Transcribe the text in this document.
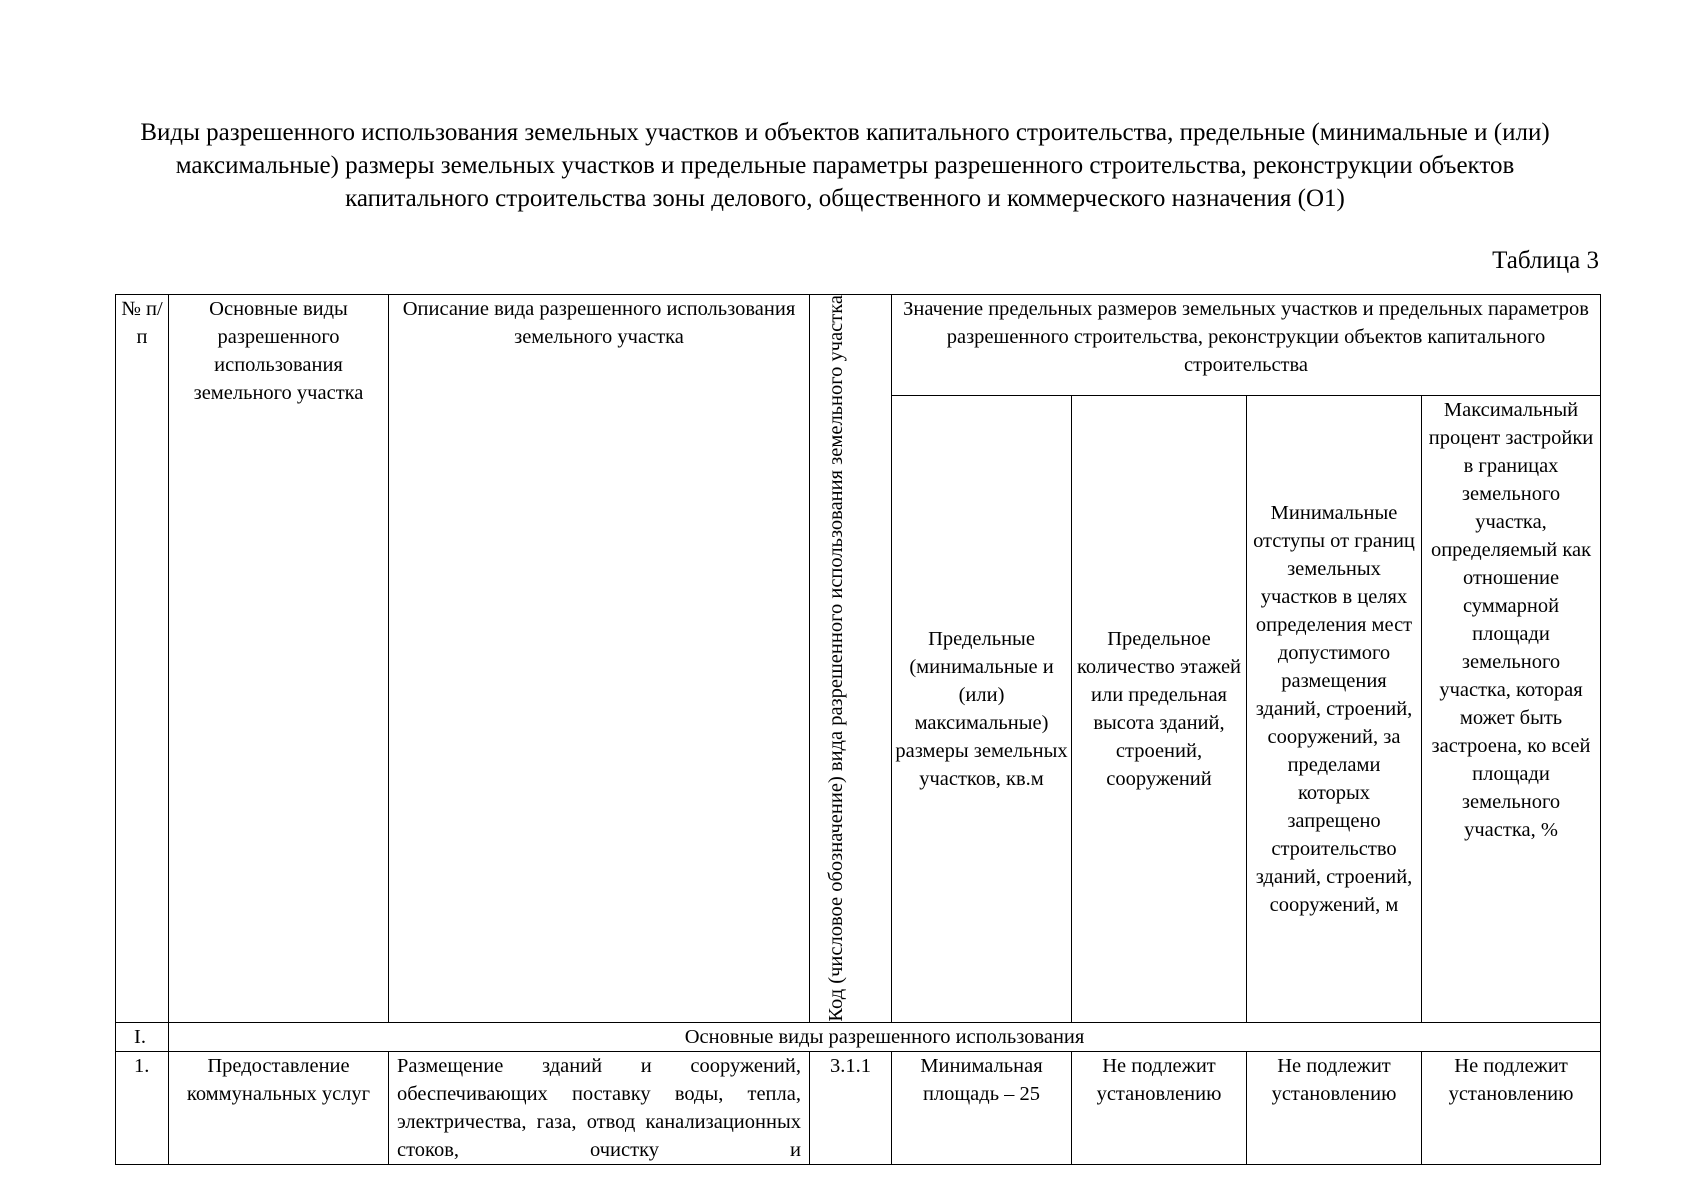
Виды разрешенного использования земельных участков и объектов капитального строительства, предельные (минимальные и (или) максимальные) размеры земельных участков и предельные параметры разрешенного строительства, реконструкции объектов капитального строительства зоны делового, общественного и коммерческого назначения (О1)
Таблица 3
№ п/п	Основные виды разрешенного использования земельного участка	Описание вида разрешенного использования земельного участка	Код (числовое обозначение) вида разрешенного использования земельного участка	Значение предельных размеров земельных участков и предельных параметров разрешенного строительства, реконструкции объектов капитального строительства			
				Предельные (минимальные и (или) максимальные) размеры земельных участков, кв.м	Предельное количество этажей или предельная высота зданий, строений, сооружений	Минимальные отступы от границ земельных участков в целях определения мест допустимого размещения зданий, строений, сооружений, за пределами которых запрещено строительство зданий, строений, сооружений, м	Максимальный процент застройки в границах земельного участка, определяемый как отношение суммарной площади земельного участка, которая может быть застроена, ко всей площади земельного участка, %
I.	Основные виды разрешенного использования						
1.	Предоставление коммунальных услуг	Размещение зданий и сооружений, обеспечивающих поставку воды, тепла, электричества, газа, отвод канализационных стоков, очистку и	3.1.1	Минимальная площадь – 25	Не подлежит установлению	Не подлежит установлению	Не подлежит установлению
